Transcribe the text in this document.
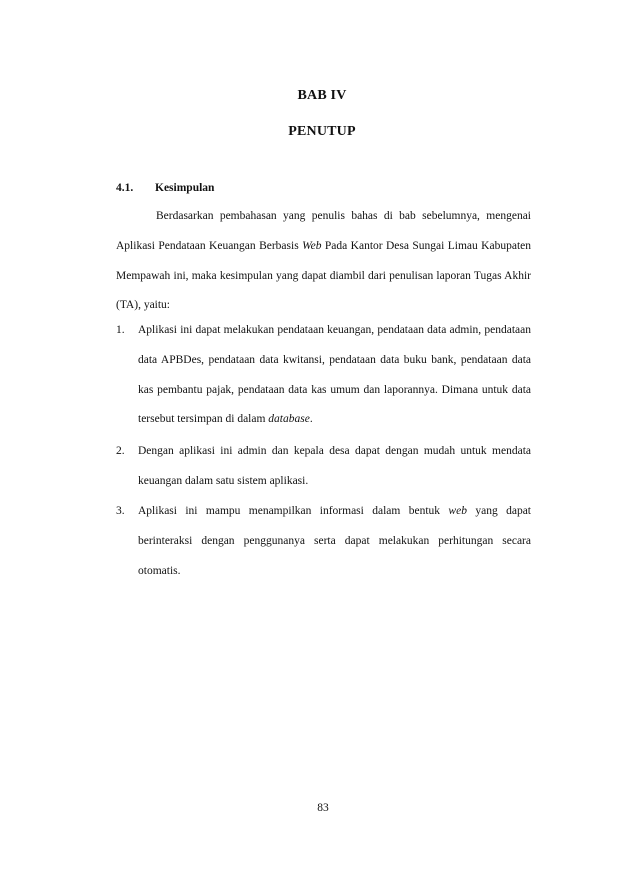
BAB IV
PENUTUP
4.1. Kesimpulan

Berdasarkan pembahasan yang penulis bahas di bab sebelumnya, mengenai Aplikasi Pendataan Keuangan Berbasis Web Pada Kantor Desa Sungai Limau Kabupaten Mempawah ini, maka kesimpulan yang dapat diambil dari penulisan laporan Tugas Akhir (TA), yaitu:

1. Aplikasi ini dapat melakukan pendataan keuangan, pendataan data admin, pendataan data APBDes, pendataan data kwitansi, pendataan data buku bank, pendataan data kas pembantu pajak, pendataan data kas umum dan laporannya. Dimana untuk data tersebut tersimpan di dalam database.
2. Dengan aplikasi ini admin dan kepala desa dapat dengan mudah untuk mendata keuangan dalam satu sistem aplikasi.
3. Aplikasi ini mampu menampilkan informasi dalam bentuk web yang dapat berinteraksi dengan penggunanya serta dapat melakukan perhitungan secara otomatis.
83
